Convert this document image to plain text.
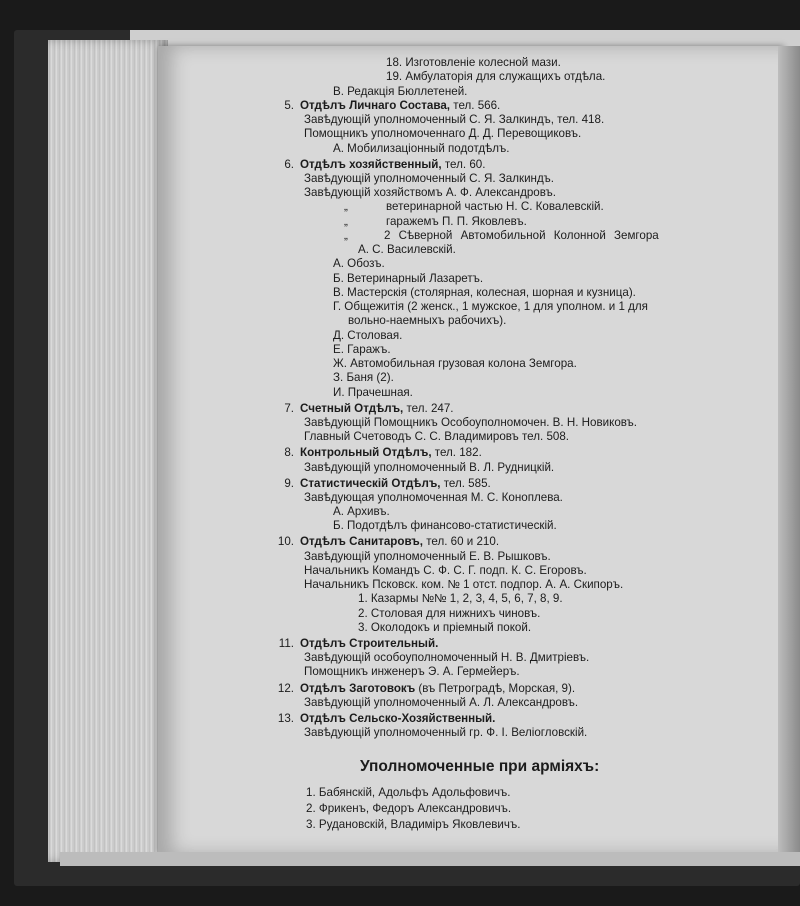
18. Изготовленіе колесной мази.
19. Амбулаторія для служащихъ отдѣла.
В. Редакція Бюллетеней.
5. Отдѣлъ Личнаго Состава, тел. 566.
Завѣдующій уполномоченный С. Я. Залкиндъ, тел. 418.
Помощникъ уполномоченнаго Д. Д. Перевощиковъ.
А. Мобилизаціонный подотдѣлъ.
6. Отдѣлъ хозяйственный, тел. 60.
Завѣдующій уполномоченный С. Я. Залкиндъ.
Завѣдующій хозяйствомъ А. Ф. Александровъ.
„	ветеринарной частью Н. С. Ковалевскій.
„	гаражемъ П. П. Яковлевъ.
„	2 Сѣверной Автомобильной Колонной Земгора
А. С. Василевскій.
А. Обозъ.
Б. Ветеринарный Лазаретъ.
В. Мастерскія (столярная, колесная, шорная и кузница).
Г. Общежитія (2 женск., 1 мужское, 1 для уполном. и 1 для
вольно-наемныхъ рабочихъ).
Д. Столовая.
Е. Гаражъ.
Ж. Автомобильная грузовая колона Земгора.
З. Баня (2).
И. Прачешная.
7. Счетный Отдѣлъ, тел. 247.
Завѣдующій Помощникъ Особоуполномочен. В. Н. Новиковъ.
Главный Счетоводъ С. С. Владимировъ тел. 508.
8. Контрольный Отдѣлъ, тел. 182.
Завѣдующій уполномоченный В. Л. Рудницкій.
9. Статистическій Отдѣлъ, тел. 585.
Завѣдующая уполномоченная М. С. Коноплева.
А. Архивъ.
Б. Подотдѣлъ финансово-статистическій.
10. Отдѣлъ Санитаровъ, тел. 60 и 210.
Завѣдующій уполномоченный Е. В. Рышковъ.
Начальникъ Командъ С. Ф. С. Г. подп. К. С. Егоровъ.
Начальникъ Псковск. ком. № 1 отст. подпор. А. А. Скипоръ.
1. Казармы №№ 1, 2, 3, 4, 5, 6, 7, 8, 9.
2. Столовая для нижнихъ чиновъ.
3. Околодокъ и пріемный покой.
11. Отдѣлъ Строительный.
Завѣдующій особоуполномоченный Н. В. Дмитріевъ.
Помощникъ инженеръ Э. А. Гермейеръ.
12. Отдѣлъ Заготовокъ (въ Петроградѣ, Морская, 9).
Завѣдующій уполномоченный А. Л. Александровъ.
13. Отдѣлъ Сельско-Хозяйственный.
Завѣдующій уполномоченный гр. Ф. І. Веліогловскій.
Уполномоченные при арміяхъ:
1. Бабянскій, Адольфъ Адольфовичъ.
2. Фрикенъ, Федоръ Александровичъ.
3. Рудановскій, Владиміръ Яковлевичъ.
